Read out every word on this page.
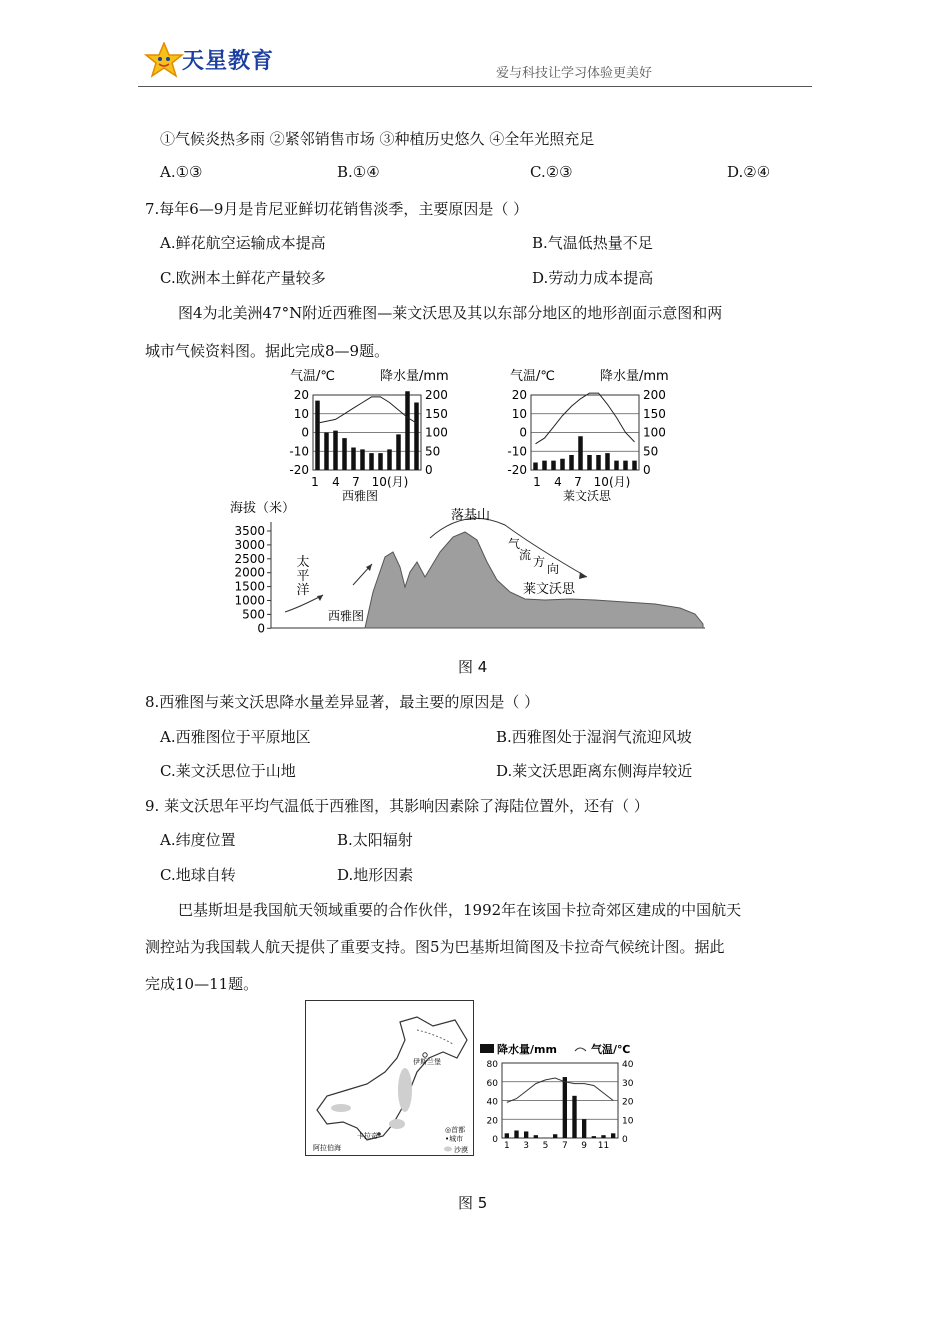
天星教育	爱与科技让学习体验更美好
①气候炎热多雨 ②紧邻销售市场 ③种植历史悠久 ④全年光照充足
A.①③	B.①④	C.②③	D.②④
7.每年6—9月是肯尼亚鲜切花销售淡季，主要原因是（ ）
A.鲜花航空运输成本提高	B.气温低热量不足
C.欧洲本土鲜花产量较多	D.劳动力成本提高
图4为北美洲47°N附近西雅图—莱文沃思及其以东部分地区的地形剖面示意图和两
城市气候资料图。据此完成8—9题。
气温/℃	降水量/mm
20
10
0
-10
-20
200
150
100
50
0
1 4 7 10(月)
西雅图
气温/℃	降水量/mm
20
10
0
-10
-20
200
150
100
50
0
1 4 7 10(月)
莱文沃思
海拔（米）
3500
3000
2500
2000
1500
1000
500
0
太
平
洋
落基山
气
流 方 向
西雅图
莱文沃思
图 4
8.西雅图与莱文沃思降水量差异显著，最主要的原因是（ ）
A.西雅图位于平原地区	B.西雅图处于湿润气流迎风坡
C.莱文沃思位于山地	D.莱文沃思距离东侧海岸较近
9. 莱文沃思年平均气温低于西雅图，其影响因素除了海陆位置外，还有（ ）
A.纬度位置	B.太阳辐射
C.地球自转	D.地形因素
巴基斯坦是我国航天领域重要的合作伙伴，1992年在该国卡拉奇郊区建成的中国航天
测控站为我国载人航天提供了重要支持。图5为巴基斯坦简图及卡拉奇气候统计图。据此
完成10—11题。
伊斯兰堡
卡拉奇
阿拉伯海
◎首都
•城市
沙漠
降水量/mm	气温/℃
80
60
40
20
0
40
30
20
10
0
1 3 5 7 9 11
图 5
